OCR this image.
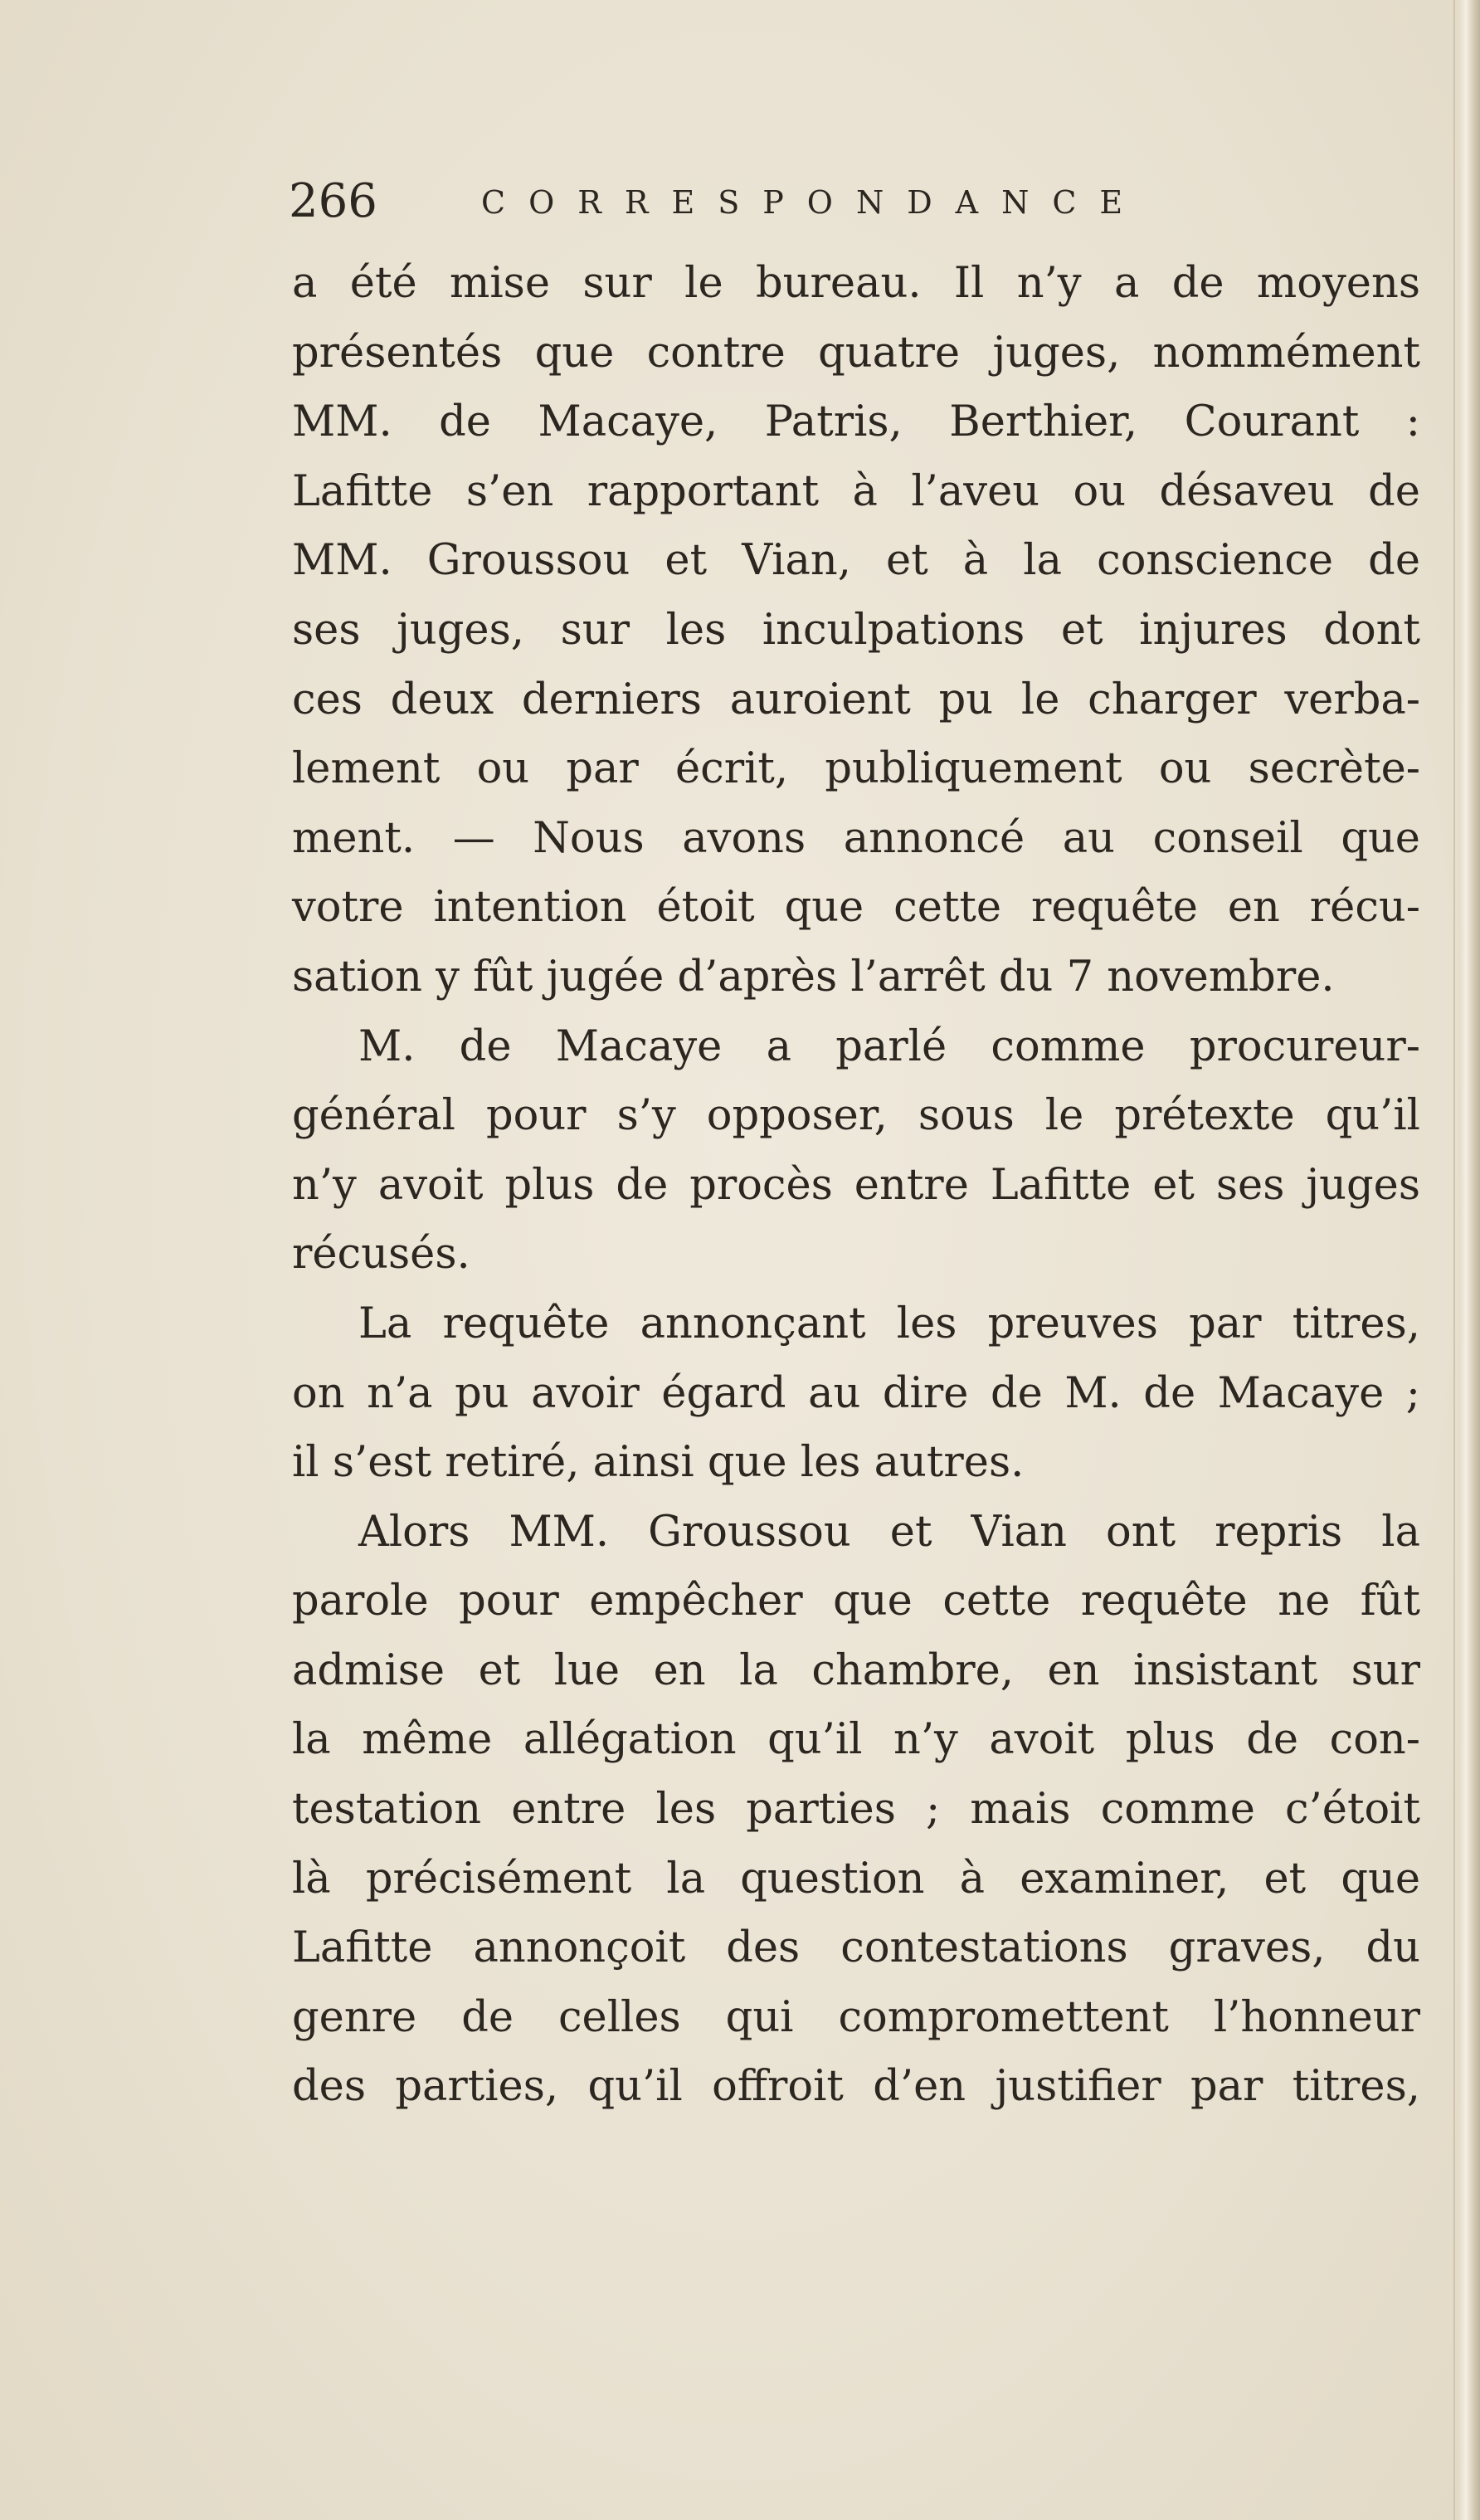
266	CORRESPONDANCE
a été mise sur le bureau. Il n’y a de moyens
présentés que contre quatre juges, nommément
MM. de Macaye, Patris, Berthier, Courant :
Lafitte s’en rapportant à l’aveu ou désaveu de
MM. Groussou et Vian, et à la conscience de
ses juges, sur les inculpations et injures dont
ces deux derniers auroient pu le charger verba-
lement ou par écrit, publiquement ou secrète-
ment. — Nous avons annoncé au conseil que
votre intention étoit que cette requête en récu-
sation y fût jugée d’après l’arrêt du 7 novembre.
M. de Macaye a parlé comme procureur-
général pour s’y opposer, sous le prétexte qu’il
n’y avoit plus de procès entre Lafitte et ses juges
récusés.
La requête annonçant les preuves par titres,
on n’a pu avoir égard au dire de M. de Macaye ;
il s’est retiré, ainsi que les autres.
Alors MM. Groussou et Vian ont repris la
parole pour empêcher que cette requête ne fût
admise et lue en la chambre, en insistant sur
la même allégation qu’il n’y avoit plus de con-
testation entre les parties ; mais comme c’étoit
là précisément la question à examiner, et que
Lafitte annonçoit des contestations graves, du
genre de celles qui compromettent l’honneur
des parties, qu’il offroit d’en justifier par titres,
